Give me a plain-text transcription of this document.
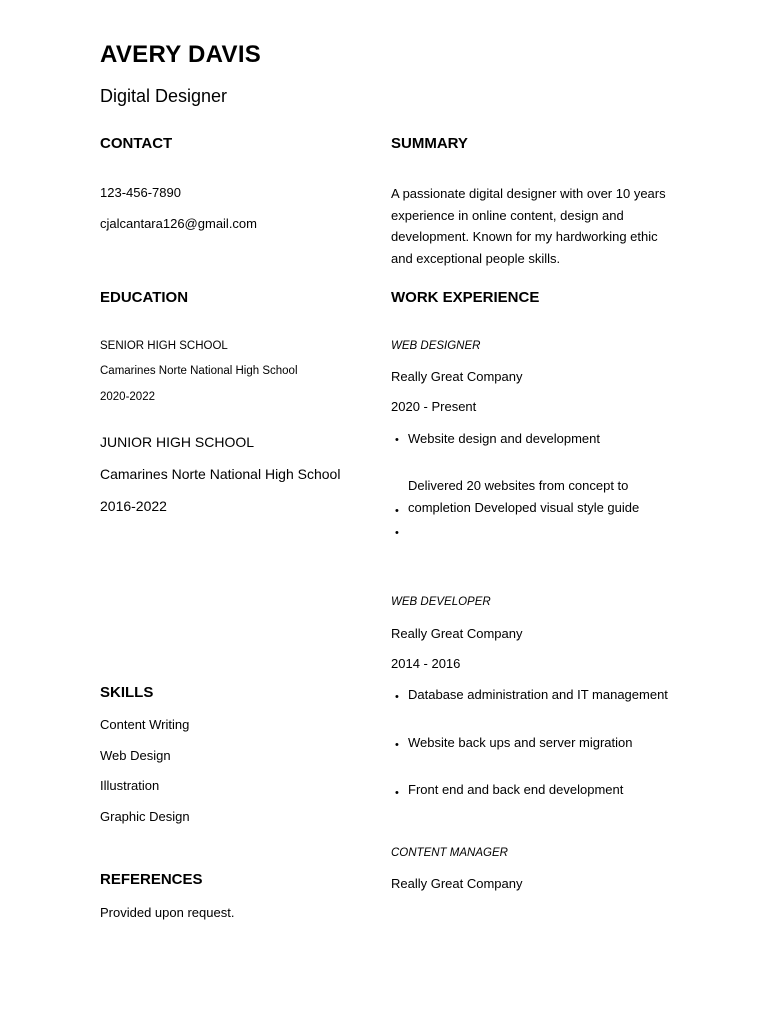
AVERY DAVIS
Digital Designer
CONTACT
123-456-7890
cjalcantara126@gmail.com
SUMMARY
A passionate digital designer with over 10 years experience in online content, design and development. Known for my hardworking ethic and exceptional people skills.
EDUCATION
SENIOR HIGH SCHOOL
Camarines Norte National High School
2020-2022
JUNIOR HIGH SCHOOL
Camarines Norte National High School
2016-2022
WORK EXPERIENCE
WEB DESIGNER
Really Great Company
2020 - Present
•
Website design and development
•
•
Delivered 20 websites from concept to completion Developed visual style guide
WEB DEVELOPER
Really Great Company
2014 - 2016
•
Database administration and IT management
•
Website back ups and server migration
•
Front end and back end development
CONTENT MANAGER
Really Great Company
SKILLS
Content Writing
Web Design
Illustration
Graphic Design
REFERENCES
Provided upon request.
